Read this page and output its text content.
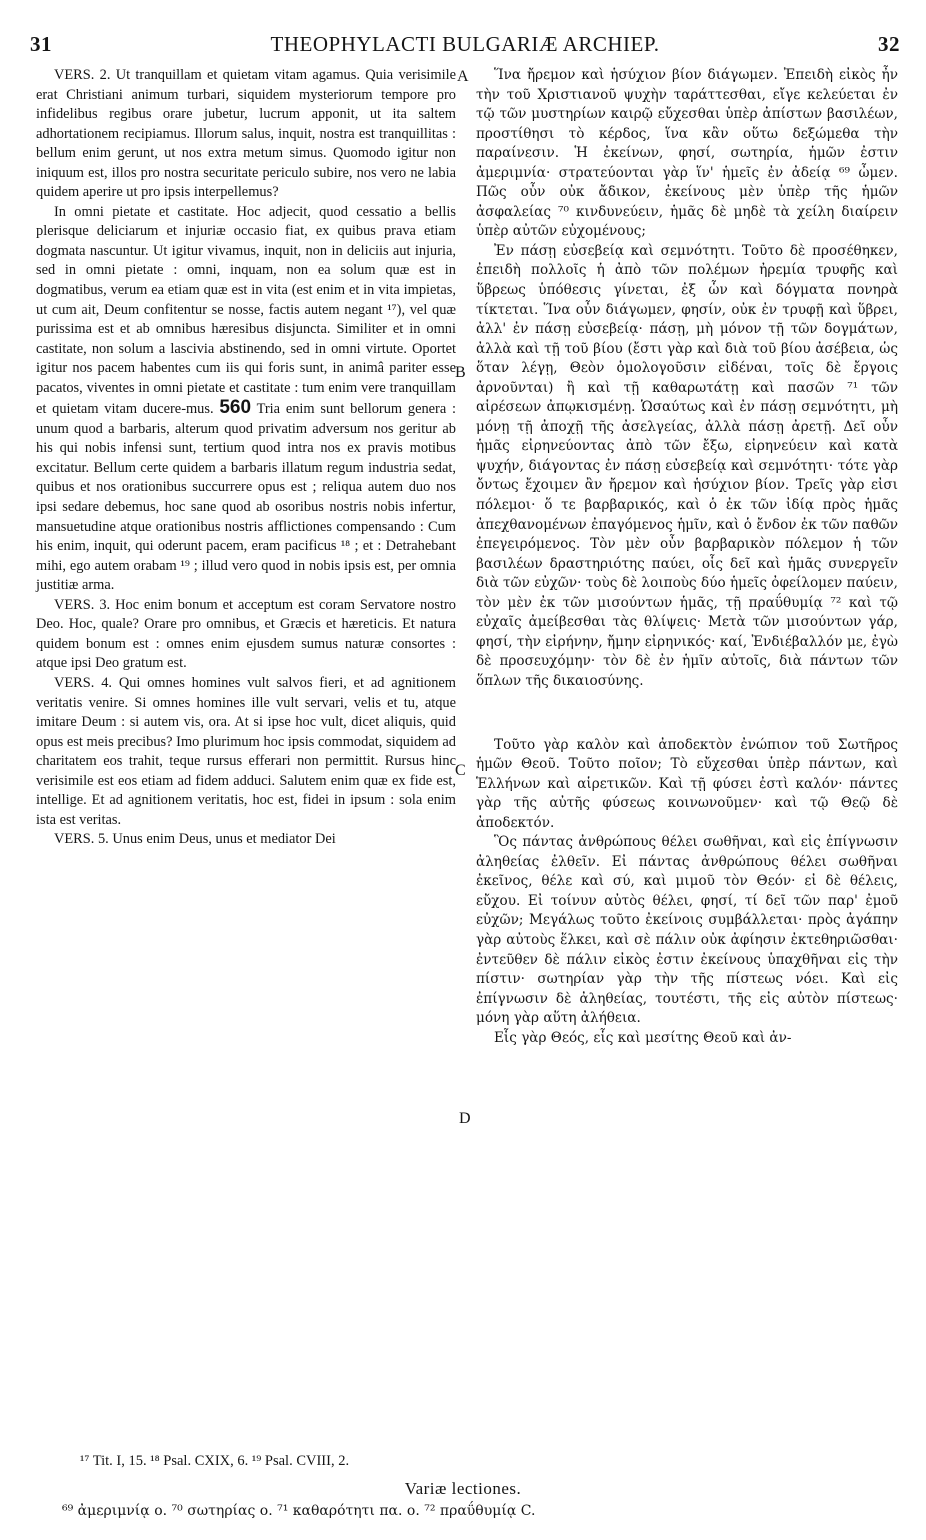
31	THEOPHYLACTI BULGARIÆ ARCHIEP.	32
A
B
C
D

VERS. 2. Ut tranquillam et quietam vitam agamus. Quia verisimile erat Christiani animum turbari, siquidem mysteriorum tempore pro infidelibus regibus orare jubetur, lucrum apponit, ut ita saltem adhortationem recipiamus. Illorum salus, inquit, nostra est tranquillitas : bellum enim gerunt, ut nos extra metum simus. Quomodo igitur non iniquum est, illos pro nostra securitate periculo subire, nos vero ne labia quidem aperire ut pro ipsis interpellemus?

In omni pietate et castitate. Hoc adjecit, quod cessatio a bellis plerisque deliciarum et injuriæ occasio fiat, ex quibus prava etiam dogmata nascuntur. Ut igitur vivamus, inquit, non in deliciis aut injuria, sed in omni pietate : omni, inquam, non ea solum quæ est in dogmatibus, verum ea etiam quæ est in vita (est enim et in vita impietas, ut cum ait, Deum confitentur se nosse, factis autem negant ¹⁷), vel quæ purissima est et ab omnibus hæresibus disjuncta. Similiter et in omni castitate, non solum a lascivia abstinendo, sed in omni virtute. Oportet igitur nos pacem habentes cum iis qui foris sunt, in animâ pariter esse pacatos, viventes in omni pietate et castitate : tum enim vere tranquillam et quietam vitam ducere-mus. 560 Tria enim sunt bellorum genera : unum quod a barbaris, alterum quod privatim adversum nos geritur ab his qui nobis infensi sunt, tertium quod intra nos ex pravis motibus excitatur. Bellum certe quidem a barbaris illatum regum industria sedat, quibus et nos orationibus succurrere opus est ; reliqua autem duo nos ipsi sedare debemus, hoc sane quod ab osoribus nostris nobis infertur, mansuetudine atque orationibus nostris afflictiones compensando : Cum his enim, inquit, qui oderunt pacem, eram pacificus ¹⁸ ; et : Detrahebant mihi, ego autem orabam ¹⁹ ; illud vero quod in nobis ipsis est, per omnia justitiæ arma.

VERS. 3. Hoc enim bonum et acceptum est coram Servatore nostro Deo. Hoc, quale? Orare pro omnibus, et Græcis et hæreticis. Et natura quidem bonum est : omnes enim ejusdem sumus naturæ consortes : atque ipsi Deo gratum est.

VERS. 4. Qui omnes homines vult salvos fieri, et ad agnitionem veritatis venire. Si omnes homines ille vult servari, velis et tu, atque imitare Deum : si autem vis, ora. At si ipse hoc vult, dicet aliquis, quid opus est meis precibus? Imo plurimum hoc ipsis commodat, siquidem ad charitatem eos trahit, teque rursus efferari non permittit. Rursus hinc verisimile est eos etiam ad fidem adduci. Salutem enim quæ ex fide est, intellige. Et ad agnitionem veritatis, hoc est, fidei in ipsum : sola enim ista est veritas.

VERS. 5. Unus enim Deus, unus et mediator Dei

Ἵνα ἤρεμον καὶ ἡσύχιον βίον διάγωμεν. Ἐπειδὴ εἰκὸς ἦν τὴν τοῦ Χριστιανοῦ ψυχὴν ταράττεσθαι, εἴγε κελεύεται ἐν τῷ τῶν μυστηρίων καιρῷ εὔχεσθαι ὑπὲρ ἀπίστων βασιλέων, προστίθησι τὸ κέρδος, ἵνα κἂν οὕτω δεξώμεθα τὴν παραίνεσιν. Ἡ ἐκείνων, φησί, σωτηρία, ἡμῶν ἐστιν ἀμεριμνία· στρατεύονται γὰρ ἵν' ἡμεῖς ἐν ἀδείᾳ ⁶⁹ ὦμεν. Πῶς οὖν οὐκ ἄδικον, ἐκείνους μὲν ὑπὲρ τῆς ἡμῶν ἀσφαλείας ⁷⁰ κινδυνεύειν, ἡμᾶς δὲ μηδὲ τὰ χείλη διαίρειν ὑπὲρ αὐτῶν εὐχομένους;

Ἐν πάσῃ εὐσεβείᾳ καὶ σεμνότητι. Τοῦτο δὲ προσέθηκεν, ἐπειδὴ πολλοῖς ἡ ἀπὸ τῶν πολέμων ἠρεμία τρυφῆς καὶ ὕβρεως ὑπόθεσις γίνεται, ἐξ ὧν καὶ δόγματα πονηρὰ τίκτεται. Ἵνα οὖν διάγωμεν, φησίν, οὐκ ἐν τρυφῇ καὶ ὕβρει, ἀλλ' ἐν πάσῃ εὐσεβείᾳ· πάσῃ, μὴ μόνον τῇ τῶν δογμάτων, ἀλλὰ καὶ τῇ τοῦ βίου (ἔστι γὰρ καὶ διὰ τοῦ βίου ἀσέβεια, ὡς ὅταν λέγῃ, Θεὸν ὁμολογοῦσιν εἰδέναι, τοῖς δὲ ἔργοις ἀρνοῦνται) ἢ καὶ τῇ καθαρωτάτῃ καὶ πασῶν ⁷¹ τῶν αἱρέσεων ἀπῳκισμένῃ. Ὡσαύτως καὶ ἐν πάσῃ σεμνότητι, μὴ μόνῃ τῇ ἀποχῇ τῆς ἀσελγείας, ἀλλὰ πάσῃ ἀρετῇ. Δεῖ οὖν ἡμᾶς εἰρηνεύοντας ἀπὸ τῶν ἔξω, εἰρηνεύειν καὶ κατὰ ψυχήν, διάγοντας ἐν πάσῃ εὐσεβείᾳ καὶ σεμνότητι· τότε γὰρ ὄντως ἔχοιμεν ἂν ἤρεμον καὶ ἡσύχιον βίον. Τρεῖς γὰρ εἰσι πόλεμοι· ὅ τε βαρβαρικός, καὶ ὁ ἐκ τῶν ἰδίᾳ πρὸς ἡμᾶς ἀπεχθανομένων ἐπαγόμενος ἡμῖν, καὶ ὁ ἔνδον ἐκ τῶν παθῶν ἐπεγειρόμενος. Τὸν μὲν οὖν βαρβαρικὸν πόλεμον ἡ τῶν βασιλέων δραστηριότης παύει, οἷς δεῖ καὶ ἡμᾶς συνεργεῖν διὰ τῶν εὐχῶν· τοὺς δὲ λοιποὺς δύο ἡμεῖς ὀφείλομεν παύειν, τὸν μὲν ἐκ τῶν μισούντων ἡμᾶς, τῇ πραΰθυμίᾳ ⁷² καὶ τῷ εὐχαῖς ἀμείβεσθαι τὰς θλίψεις· Μετὰ τῶν μισούντων γάρ, φησί, τὴν εἰρήνην, ἤμην εἰρηνικός· καί, Ἐνδιέβαλλόν με, ἐγὼ δὲ προσευχόμην· τὸν δὲ ἐν ἡμῖν αὐτοῖς, διὰ πάντων τῶν ὅπλων τῆς δικαιοσύνης.

Τοῦτο γὰρ καλὸν καὶ ἀποδεκτὸν ἐνώπιον τοῦ Σωτῆρος ἡμῶν Θεοῦ. Τοῦτο ποῖον; Τὸ εὔχεσθαι ὑπὲρ πάντων, καὶ Ἑλλήνων καὶ αἱρετικῶν. Καὶ τῇ φύσει ἐστὶ καλόν· πάντες γὰρ τῆς αὐτῆς φύσεως κοινωνοῦμεν· καὶ τῷ Θεῷ δὲ ἀποδεκτόν.

Ὃς πάντας ἀνθρώπους θέλει σωθῆναι, καὶ εἰς ἐπίγνωσιν ἀληθείας ἐλθεῖν. Εἰ πάντας ἀνθρώπους θέλει σωθῆναι ἐκεῖνος, θέλε καὶ σύ, καὶ μιμοῦ τὸν Θεόν· εἰ δὲ θέλεις, εὔχου. Εἰ τοίνυν αὐτὸς θέλει, φησί, τί δεῖ τῶν παρ' ἐμοῦ εὐχῶν; Μεγάλως τοῦτο ἐκείνοις συμβάλλεται· πρὸς ἀγάπην γὰρ αὐτοὺς ἕλκει, καὶ σὲ πάλιν οὐκ ἀφίησιν ἐκτεθηριῶσθαι· ἐντεῦθεν δὲ πάλιν εἰκὸς ἐστιν ἐκείνους ὑπαχθῆναι εἰς τὴν πίστιν· σωτηρίαν γὰρ τὴν τῆς πίστεως νόει. Καὶ εἰς ἐπίγνωσιν δὲ ἀληθείας, τουτέστι, τῆς εἰς αὐτὸν πίστεως· μόνη γὰρ αὕτη ἀλήθεια.

Εἷς γὰρ Θεός, εἷς καὶ μεσίτης Θεοῦ καὶ ἀν-

¹⁷ Tit. I, 15. ¹⁸ Psal. CXIX, 6. ¹⁹ Psal. CVIII, 2.
Variæ lectiones.
⁶⁹ ἀμεριμνίᾳ ο. ⁷⁰ σωτηρίας ο. ⁷¹ καθαρότητι πα. ο. ⁷² πραΰθυμίᾳ C.
